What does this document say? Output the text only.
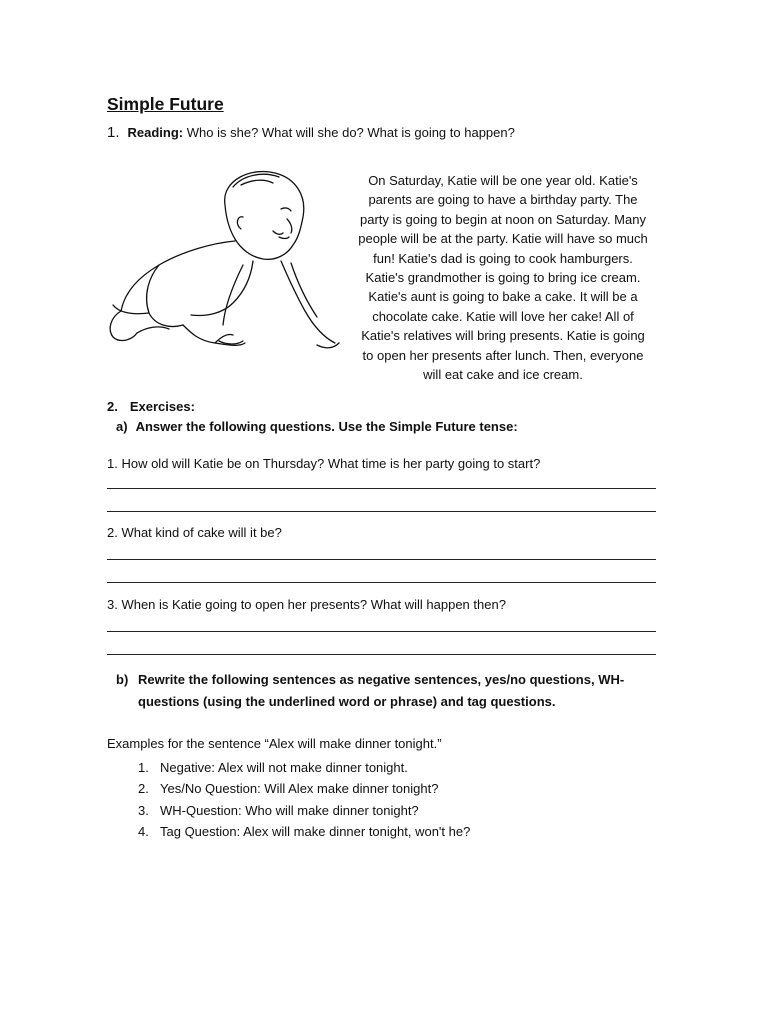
Simple Future
1. Reading: Who is she? What will she do? What is going to happen?
On Saturday, Katie will be one year old. Katie's
parents are going to have a birthday party. The
party is going to begin at noon on Saturday. Many
people will be at the party. Katie will have so much
fun! Katie's dad is going to cook hamburgers.
Katie's grandmother is going to bring ice cream.
Katie's aunt is going to bake a cake. It will be a
chocolate cake. Katie will love her cake! All of
Katie's relatives will bring presents. Katie is going
to open her presents after lunch. Then, everyone
will eat cake and ice cream.
2. Exercises:
a) Answer the following questions. Use the Simple Future tense:
1. How old will Katie be on Thursday? What time is her party going to start?
2. What kind of cake will it be?
3. When is Katie going to open her presents? What will happen then?
b) Rewrite the following sentences as negative sentences, yes/no questions, WH-
questions (using the underlined word or phrase) and tag questions.
Examples for the sentence “Alex will make dinner tonight.”
1. Negative: Alex will not make dinner tonight.
2. Yes/No Question: Will Alex make dinner tonight?
3. WH-Question: Who will make dinner tonight?
4. Tag Question: Alex will make dinner tonight, won't he?
